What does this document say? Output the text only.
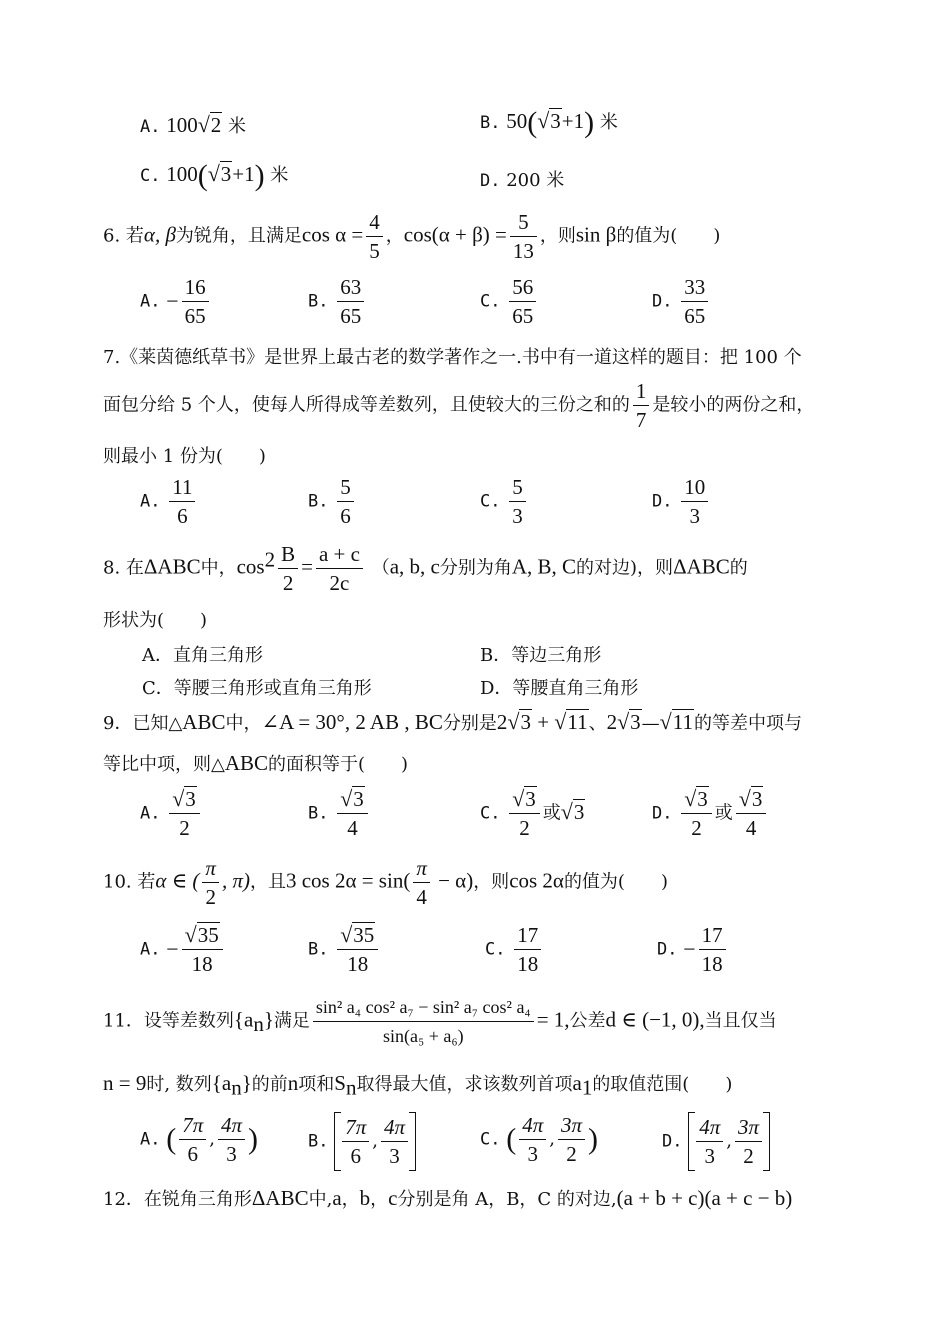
A. 100√2 米	B. 50(√3+1) 米
C. 100(√3+1) 米	D. 200 米
6. 若α, β为锐角，且满足$\cos \alpha = \frac{4}{5}$ ，$\cos(\alpha + \beta) = \frac{5}{13}$ ，则sin β的值为(　　)
A. − $\frac{16}{65}$	B. $\frac{63}{65}$	C. $\frac{56}{65}$	D. $\frac{33}{65}$
7.《莱茵德纸草书》是世界上最古老的数学著作之一.书中有一道这样的题目：把 100 个
面包分给 5 个人，使每人所得成等差数列，且使较大的三份之和的 $\frac{1}{7}$ 是较小的两份之和，
则最小 1 份为(　　)
A. $\frac{11}{6}$	B. $\frac{5}{6}$	C. $\frac{5}{3}$	D. $\frac{10}{3}$
8. 在ΔABC中，$\cos^2 \frac{B}{2} = \frac{a + c}{2c} (a$, b, c分别为角A, B, C的对边)，则ΔABC的
形状为(　　)
A．直角三角形	B．等边三角形
C．等腰三角形或直角三角形	D．等腰直角三角形
9．已知△ABC中，∠A = 30°, 2 AB , BC分别是2√3 + √11、2√3—√11的等差中项与
等比中项，则△ABC的面积等于(　　)
A. $\frac{√3}{2}$	B. $\frac{√3}{4}$	C. $\frac{√3}{2}$ 或√3	D. $\frac{√3}{2}$ 或 $\frac{√3}{4}$
10. 若α ∈ ( $\frac{\pi}{2}$ , π)，且3 $\cos 2\alpha = \sin( \frac{\pi}{4} - \alpha)$，则cos 2α的值为(　　)
A. − $\frac{√35}{18}$	B. $\frac{√35}{18}$	C. $\frac{17}{18}$	D. − $\frac{17}{18}$
11．设等差数列$\{a_n\}$满足 $\frac{\text{sin² a₄ cos² a₇ − sin² a₇ cos² a₄}}{\text{sin(a₅ + a₆)}} = 1$,公差d ∈ (−1, 0),当且仅当
n = 9时, 数列$\{a_n\}$的前n项和$S_n$取得最大值，求该数列首项$a_1$的取值范围(　　)
A. ( $\frac{7\pi}{6}$ , $\frac{4\pi}{3}$ )	B. $\frac{7\pi}{6}$ , $\frac{4\pi}{3}$	C. ( $\frac{4\pi}{3}$ , $\frac{3\pi}{2}$ )	D. $\frac{4\pi}{3}$ , $\frac{3\pi}{2}$
12．在锐角三角形ΔABC中,a，b，c分别是角 A，B，C 的对边,(a + b + c)(a + c − b)
